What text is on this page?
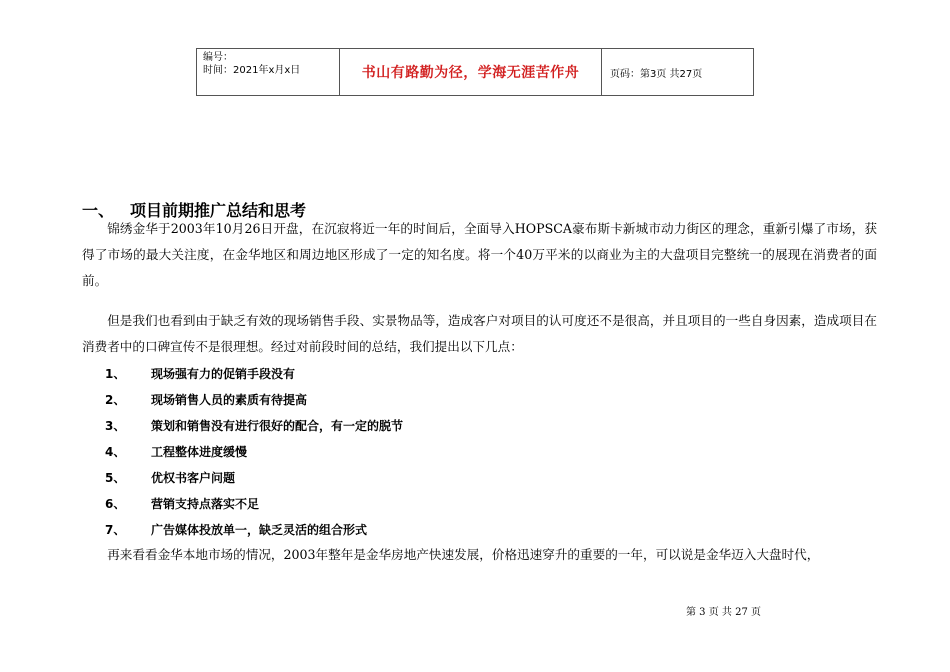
编号：
时间：2021年x月x日	书山有路勤为径，学海无涯苦作舟	页码：第3页 共27页
一、 项目前期推广总结和思考

锦绣金华于2003年10月26日开盘，在沉寂将近一年的时间后，全面导入HOPSCA豪布斯卡新城市动力街区的理念，重新引爆了市场，获得了市场的最大关注度，在金华地区和周边地区形成了一定的知名度。将一个40万平米的以商业为主的大盘项目完整统一的展现在消费者的面前。

但是我们也看到由于缺乏有效的现场销售手段、实景物品等，造成客户对项目的认可度还不是很高，并且项目的一些自身因素，造成项目在消费者中的口碑宣传不是很理想。经过对前段时间的总结，我们提出以下几点：

1、	现场强有力的促销手段没有
2、	现场销售人员的素质有待提高
3、	策划和销售没有进行很好的配合，有一定的脱节
4、	工程整体进度缓慢
5、	优权书客户问题
6、	营销支持点落实不足
7、	广告媒体投放单一，缺乏灵活的组合形式

再来看看金华本地市场的情况，2003年整年是金华房地产快速发展，价格迅速穿升的重要的一年，可以说是金华迈入大盘时代，

第 3 页 共 27 页
